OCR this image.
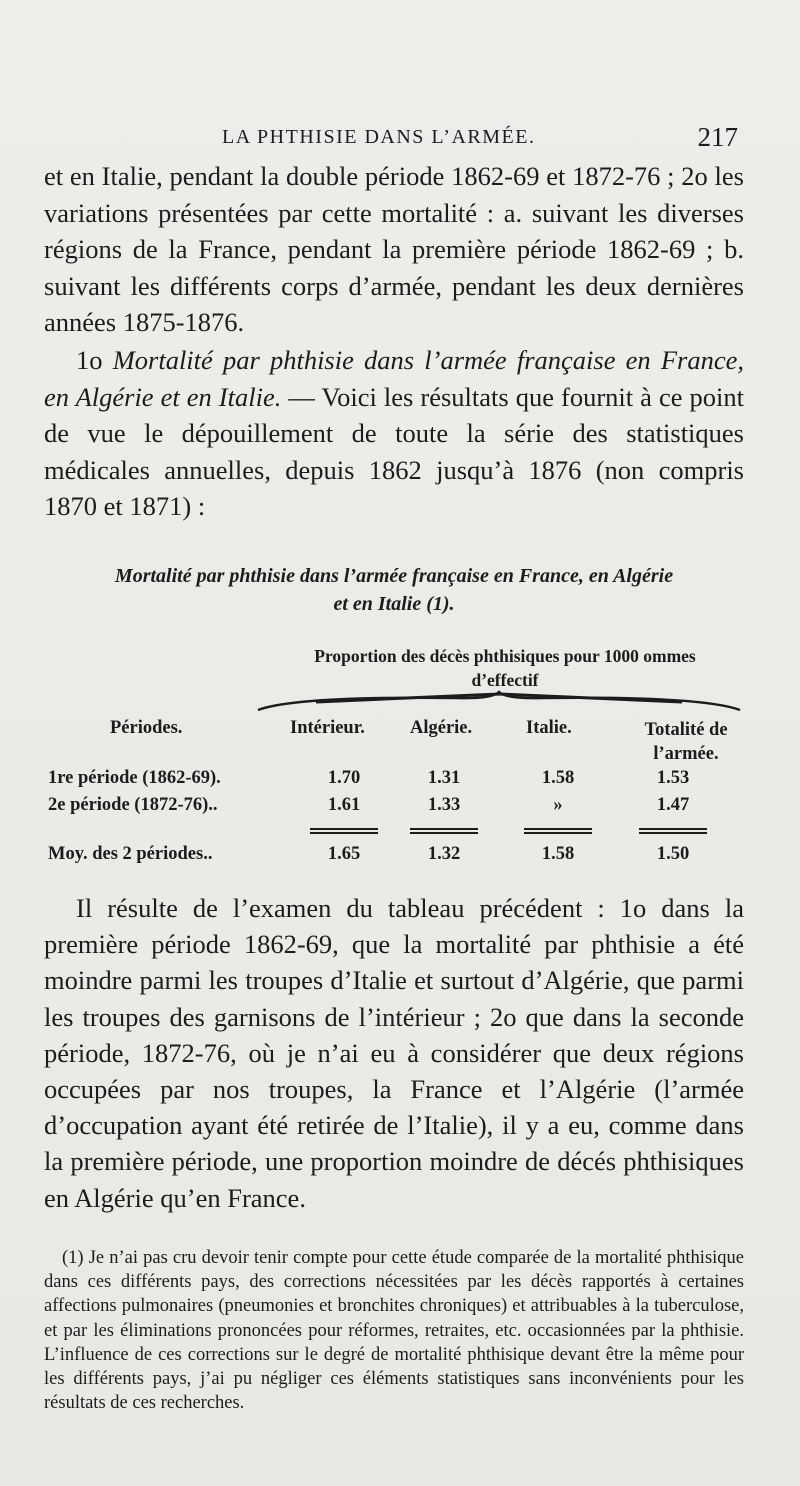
LA PHTHISIE DANS L’ARMÉE.	217

et en Italie, pendant la double période 1862-69 et 1872-76 ; 2o les variations présentées par cette mortalité : a. suivant les diverses régions de la France, pendant la première période 1862-69 ; b. suivant les différents corps d’armée, pendant les deux dernières années 1875-1876.

1o Mortalité par phthisie dans l’armée française en France, en Algérie et en Italie. — Voici les résultats que fournit à ce point de vue le dépouillement de toute la série des statistiques médicales annuelles, depuis 1862 jusqu’à 1876 (non compris 1870 et 1871) :

Mortalité par phthisie dans l’armée française en France, en Algérie
et en Italie (1).
Proportion des décès phthisiques pour 1000 ommes
d’effectif
Périodes.	Intérieur. Algérie.	Italie.	Totalité de
l’armée.
1re période (1862-69).	1.70	1.31	1.58	1.53
2e période (1872-76)..	1.61	1.33	»	1.47
Moy. des 2 périodes..	1.65	1.32	1.58	1.50

Il résulte de l’examen du tableau précédent : 1o dans la première période 1862-69, que la mortalité par phthisie a été moindre parmi les troupes d’Italie et surtout d’Algérie, que parmi les troupes des garnisons de l’intérieur ; 2o que dans la seconde période, 1872-76, où je n’ai eu à considérer que deux régions occupées par nos troupes, la France et l’Algérie (l’armée d’occupation ayant été retirée de l’Italie), il y a eu, comme dans la première période, une proportion moindre de décés phthisiques en Algérie qu’en France.

(1) Je n’ai pas cru devoir tenir compte pour cette étude comparée de la mortalité phthisique dans ces différents pays, des corrections nécessitées par les décès rapportés à certaines affections pulmonaires (pneumonies et bronchites chroniques) et attribuables à la tuberculose, et par les éliminations prononcées pour réformes, retraites, etc. occasionnées par la phthisie. L’influence de ces corrections sur le degré de mortalité phthisique devant être la même pour les différents pays, j’ai pu négliger ces éléments statistiques sans inconvénients pour les résultats de ces recherches.
